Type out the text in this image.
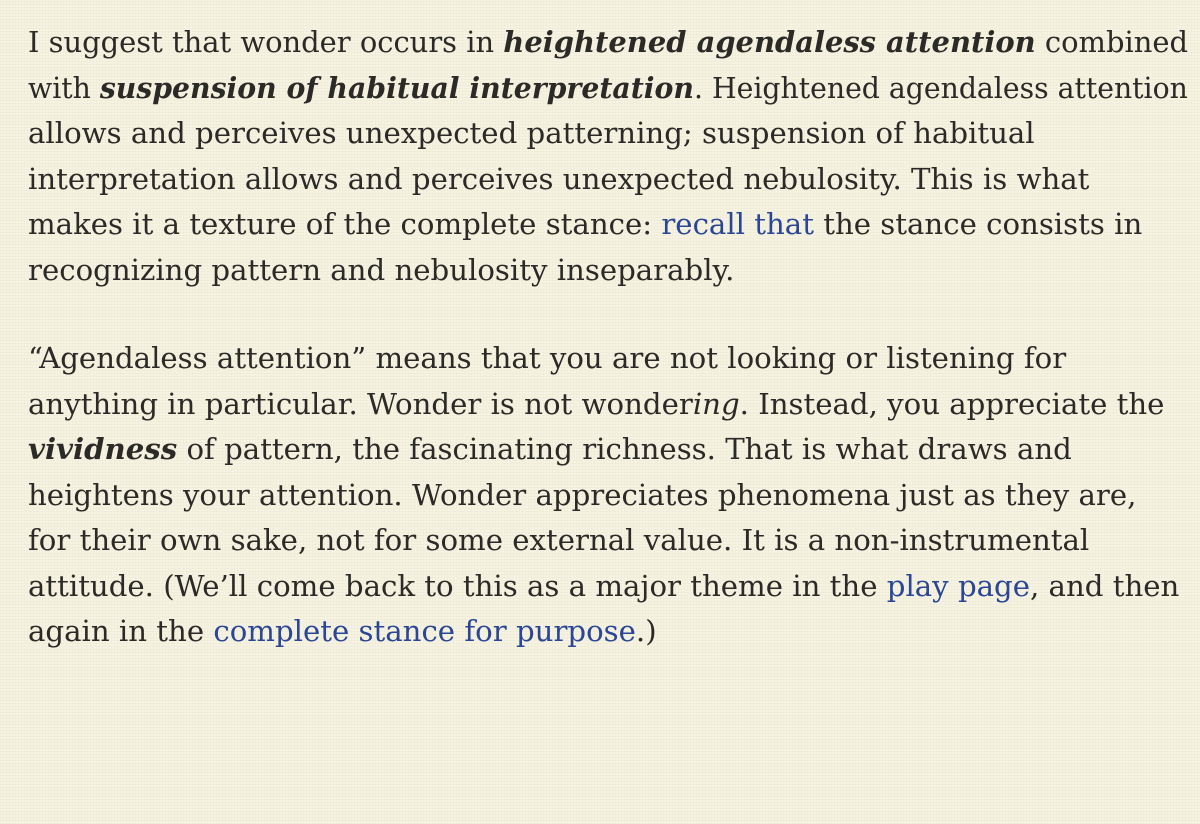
I suggest that wonder occurs in heightened agendaless attention combined
with suspension of habitual interpretation. Heightened agendaless attention
allows and perceives unexpected patterning; suspension of habitual
interpretation allows and perceives unexpected nebulosity. This is what
makes it a texture of the complete stance: recall that the stance consists in
recognizing pattern and nebulosity inseparably.

“Agendaless attention” means that you are not looking or listening for
anything in particular. Wonder is not wondering. Instead, you appreciate the
vividness of pattern, the fascinating richness. That is what draws and
heightens your attention. Wonder appreciates phenomena just as they are,
for their own sake, not for some external value. It is a non-instrumental
attitude. (We’ll come back to this as a major theme in the play page, and then
again in the complete stance for purpose.)
